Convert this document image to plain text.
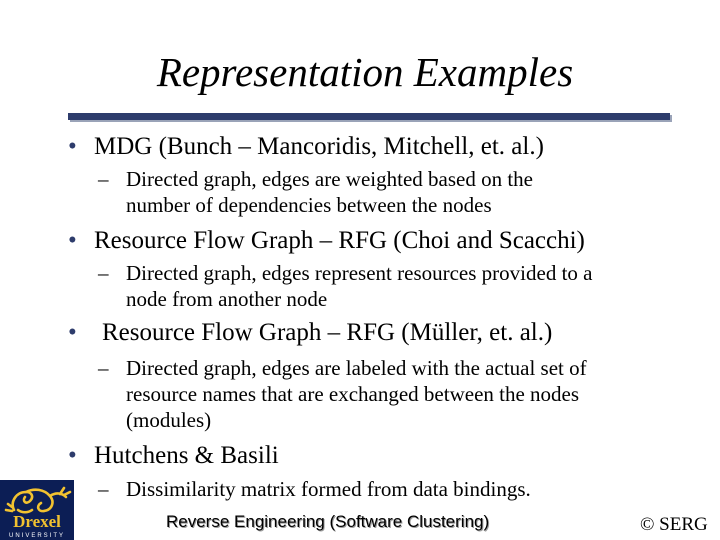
Representation Examples
• MDG (Bunch – Mancoridis, Mitchell, et. al.)
– Directed graph, edges are weighted based on the
number of dependencies between the nodes
• Resource Flow Graph – RFG (Choi and Scacchi)
– Directed graph, edges represent resources provided to a
node from another node
• Resource Flow Graph – RFG (Müller, et. al.)
– Directed graph, edges are labeled with the actual set of
resource names that are exchanged between the nodes
(modules)
• Hutchens & Basili
– Dissimilarity matrix formed from data bindings.
Drexel
UNIVERSITY
Reverse Engineering (Software Clustering)	© SERG
